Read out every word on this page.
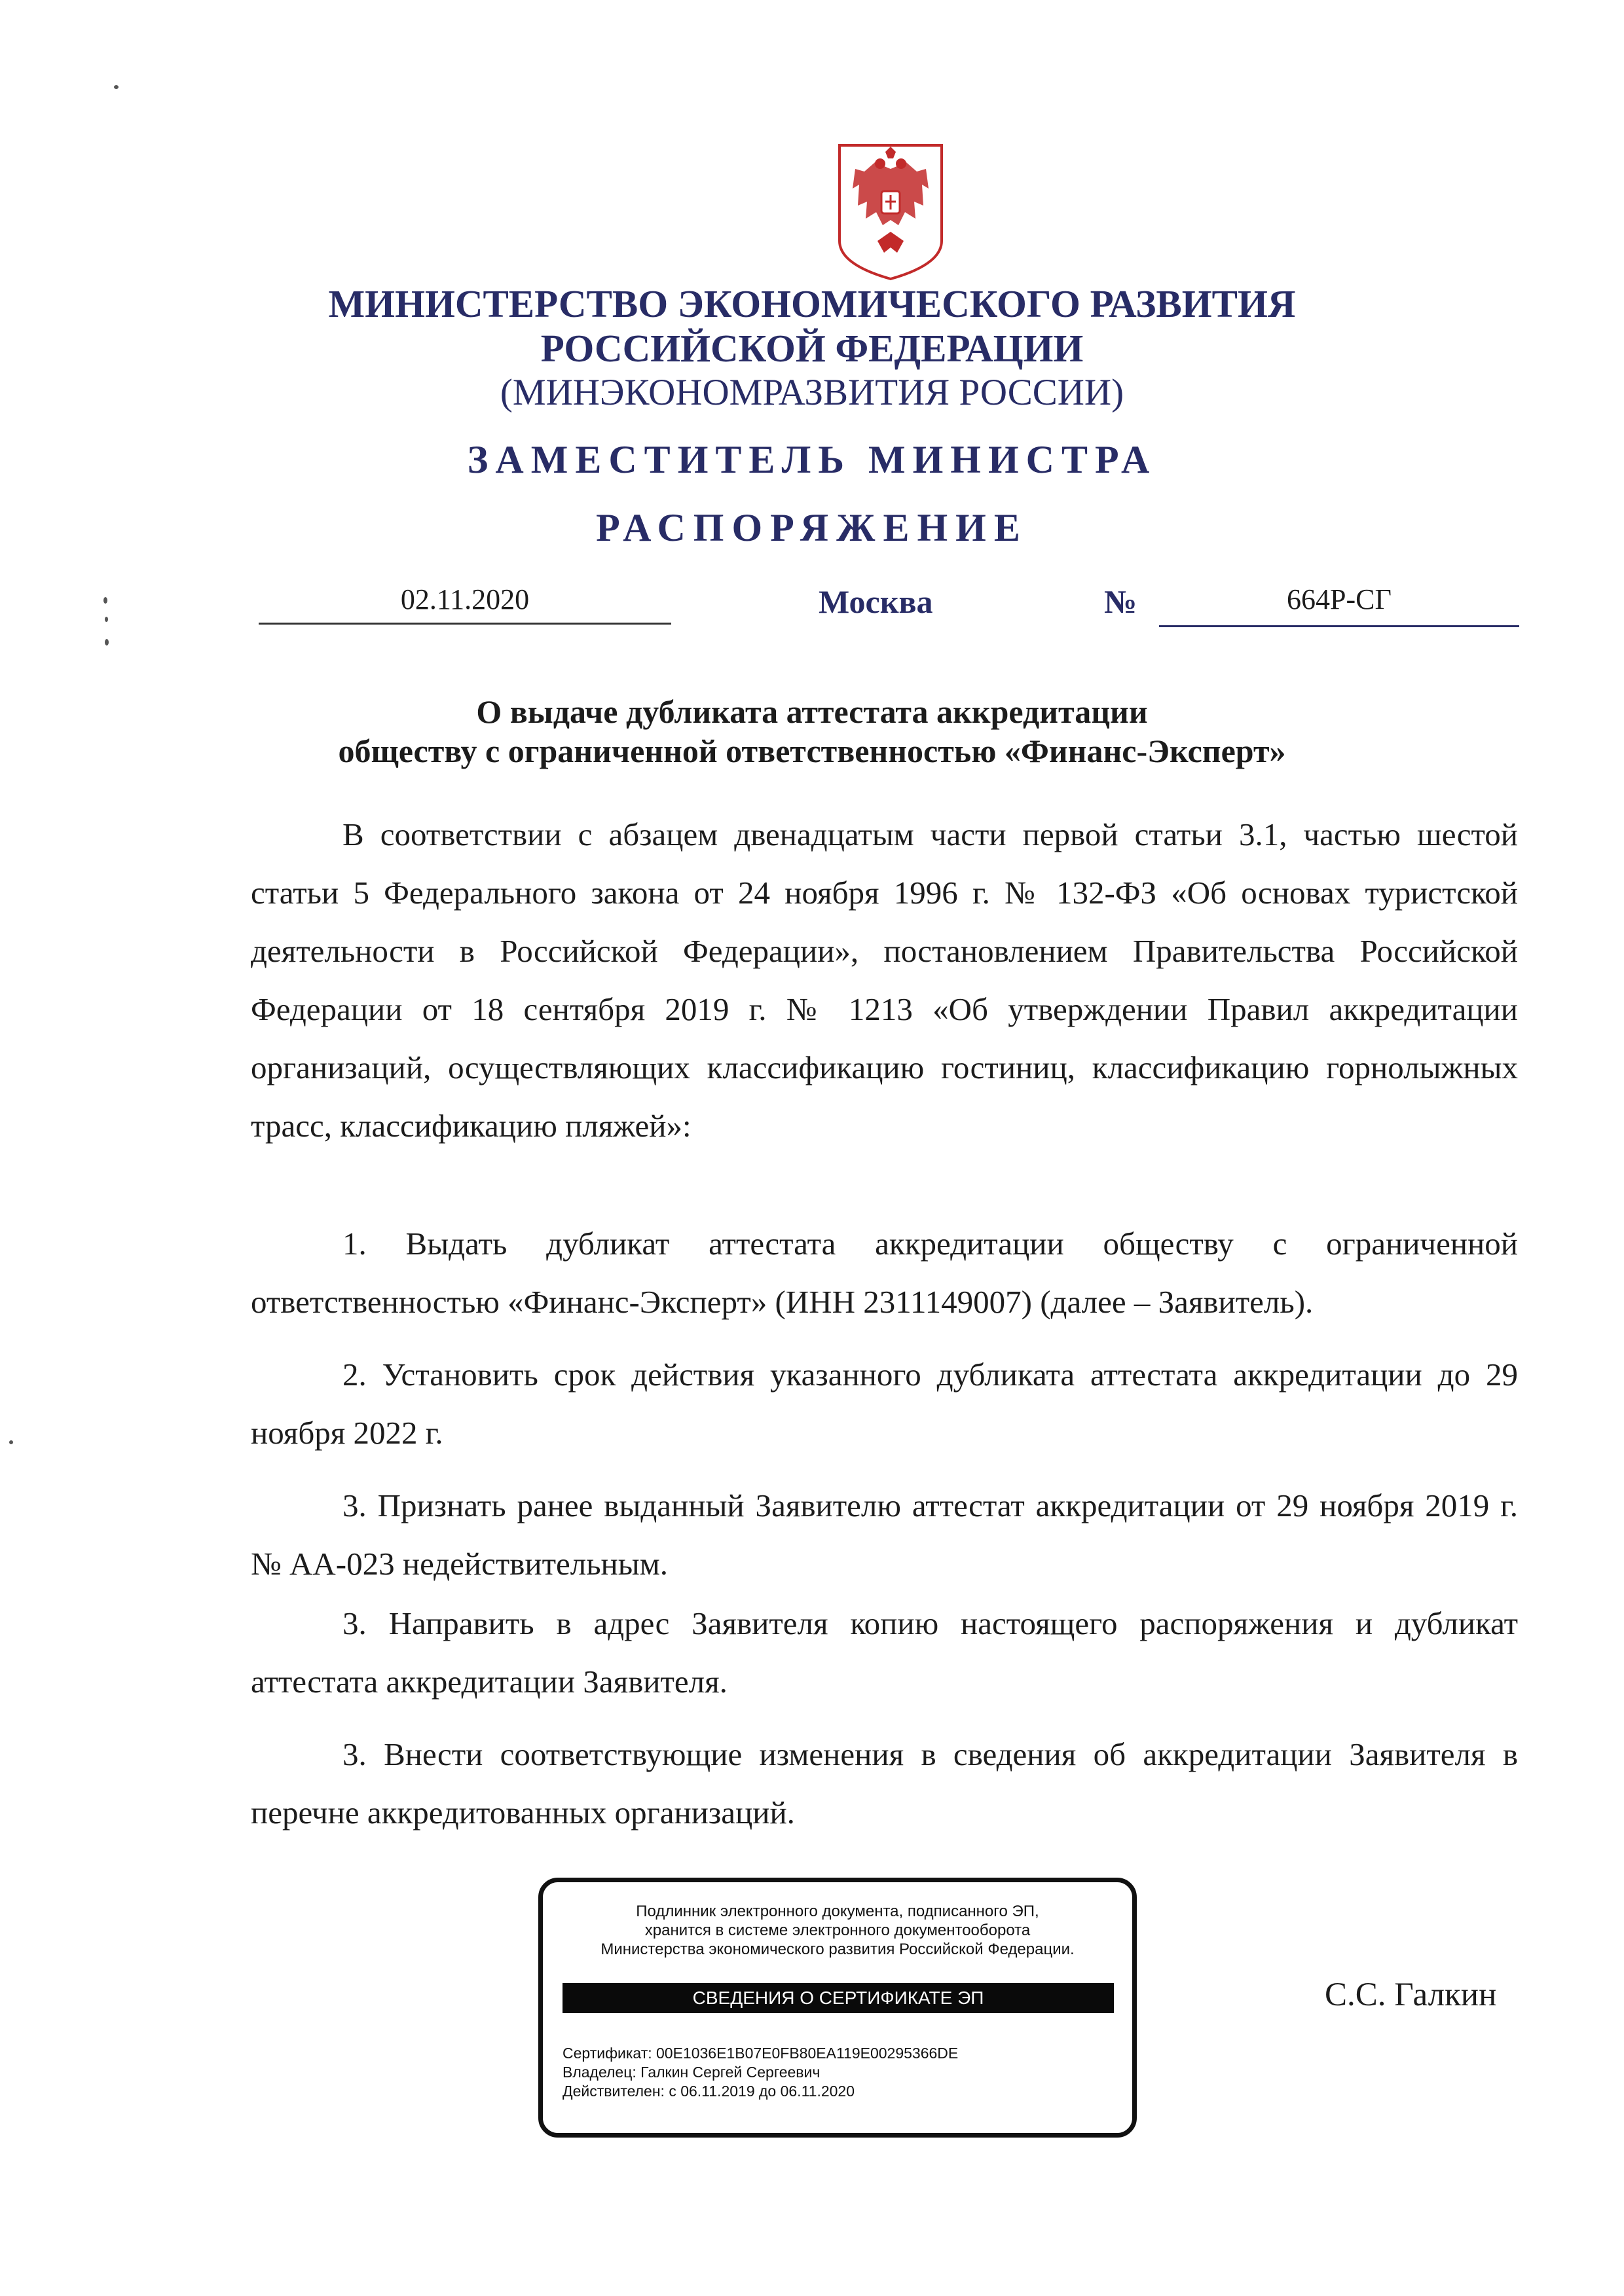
МИНИСТЕРСТВО ЭКОНОМИЧЕСКОГО РАЗВИТИЯ
РОССИЙСКОЙ ФЕДЕРАЦИИ
(МИНЭКОНОМРАЗВИТИЯ РОССИИ)
ЗАМЕСТИТЕЛЬ МИНИСТРА
РАСПОРЯЖЕНИЕ
02.11.2020	Москва	№	664Р-СГ
О выдаче дубликата аттестата аккредитации
обществу с ограниченной ответственностью «Финанс-Эксперт»

В соответствии с абзацем двенадцатым части первой статьи 3.1, частью шестой статьи 5 Федерального закона от 24 ноября 1996 г. № 132-ФЗ «Об основах туристской деятельности в Российской Федерации», постановлением Правительства Российской Федерации от 18 сентября 2019 г. № 1213 «Об утверждении Правил аккредитации организаций, осуществляющих классификацию гостиниц, классификацию горнолыжных трасс, классификацию пляжей»:

1. Выдать дубликат аттестата аккредитации обществу с ограниченной ответственностью «Финанс-Эксперт» (ИНН 2311149007) (далее – Заявитель).

2. Установить срок действия указанного дубликата аттестата аккредитации до 29 ноября 2022 г.

3. Признать ранее выданный Заявителю аттестат аккредитации от 29 ноября 2019 г. № АА-023 недействительным.

3. Направить в адрес Заявителя копию настоящего распоряжения и дубликат аттестата аккредитации Заявителя.

3. Внести соответствующие изменения в сведения об аккредитации Заявителя в перечне аккредитованных организаций.

Подлинник электронного документа, подписанного ЭП,
хранится в системе электронного документооборота
Министерства экономического развития Российской Федерации.
СВЕДЕНИЯ О СЕРТИФИКАТЕ ЭП
Сертификат: 00E1036E1B07E0FB80EA119E00295366DE
Владелец: Галкин Сергей Сергеевич
Действителен: с 06.11.2019 до 06.11.2020
С.С. Галкин
